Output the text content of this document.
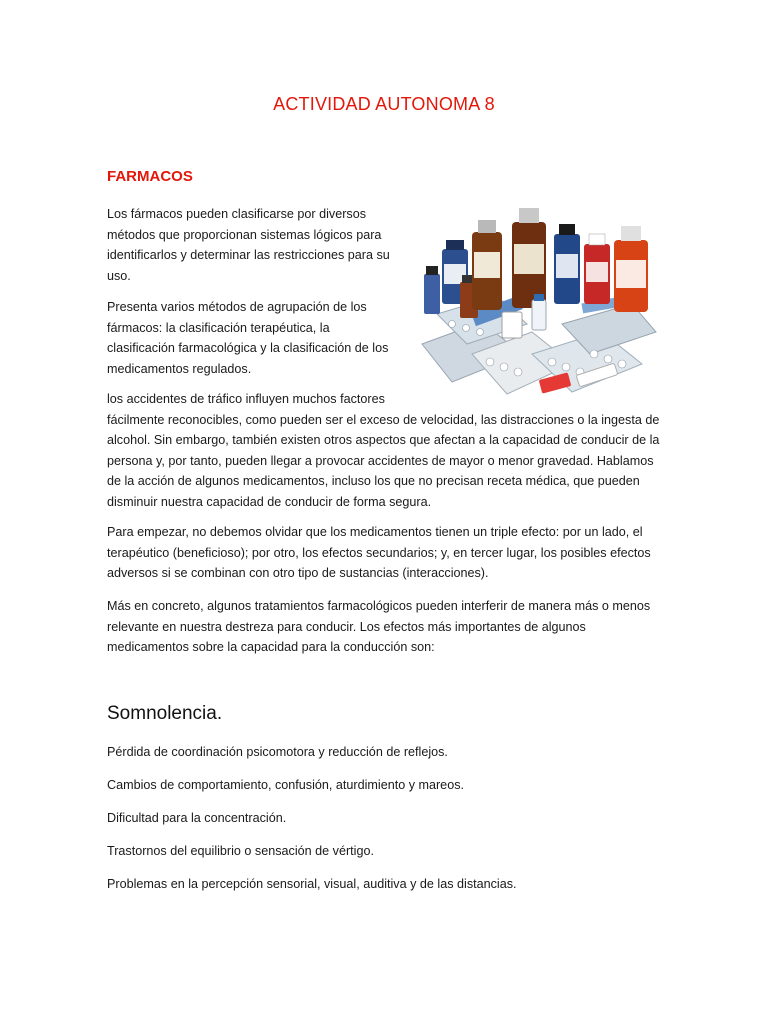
ACTIVIDAD AUTONOMA 8
FARMACOS

Los fármacos pueden clasificarse por diversos métodos que proporcionan sistemas lógicos para identificarlos y determinar las restricciones para su uso.

Presenta varios métodos de agrupación de los fármacos: la clasificación terapéutica, la clasificación farmacológica y la clasificación de los medicamentos regulados.

los accidentes de tráfico influyen muchos factores

fácilmente reconocibles, como pueden ser el exceso de velocidad, las distracciones o la ingesta de alcohol. Sin embargo, también existen otros aspectos que afectan a la capacidad de conducir de la persona y, por tanto, pueden llegar a provocar accidentes de mayor o menor gravedad. Hablamos de la acción de algunos medicamentos, incluso los que no precisan receta médica, que pueden disminuir nuestra capacidad de conducir de forma segura.

Para empezar, no debemos olvidar que los medicamentos tienen un triple efecto: por un lado, el terapéutico (beneficioso); por otro, los efectos secundarios; y, en tercer lugar, los posibles efectos adversos si se combinan con otro tipo de sustancias (interacciones).

Más en concreto, algunos tratamientos farmacológicos pueden interferir de manera más o menos relevante en nuestra destreza para conducir. Los efectos más importantes de algunos medicamentos sobre la capacidad para la conducción son:

Somnolencia.

Pérdida de coordinación psicomotora y reducción de reflejos.

Cambios de comportamiento, confusión, aturdimiento y mareos.

Dificultad para la concentración.

Trastornos del equilibrio o sensación de vértigo.

Problemas en la percepción sensorial, visual, auditiva y de las distancias.
